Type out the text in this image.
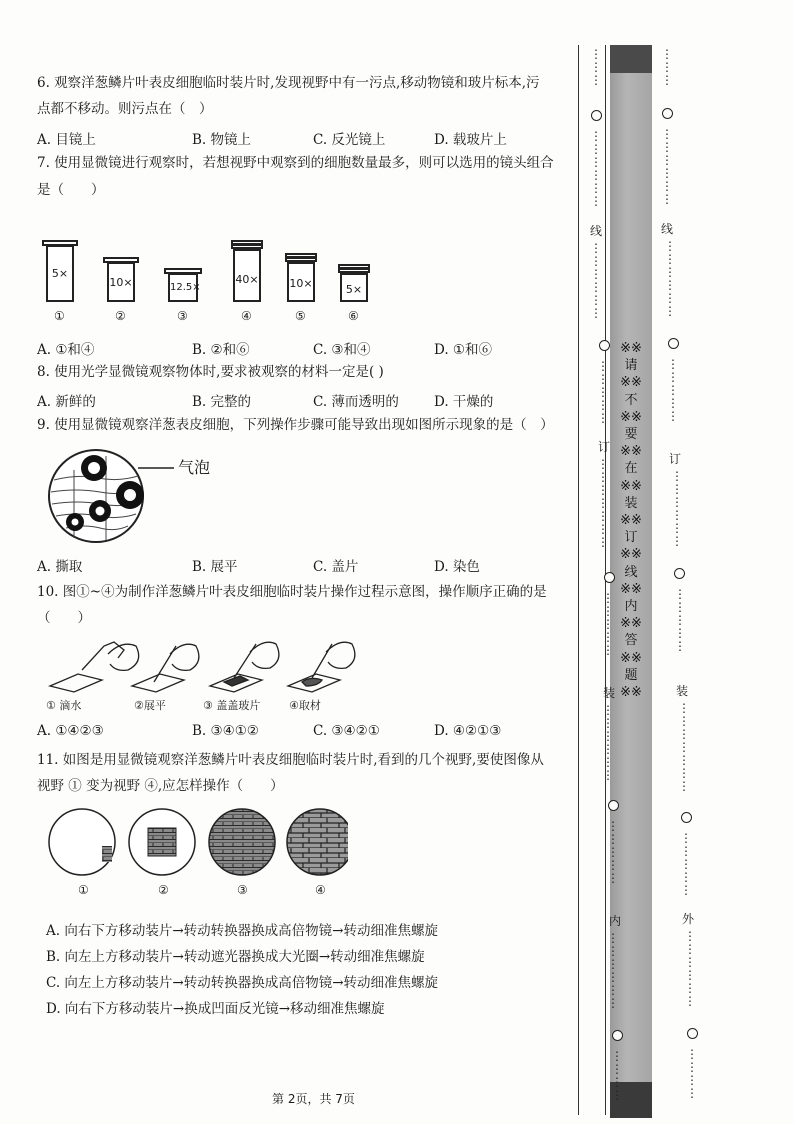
6. 观察洋葱鳞片叶表皮细胞临时装片时,发现视野中有一污点,移动物镜和玻片标本,污
点都不移动。则污点在（　）
A. 目镜上	B. 物镜上	C. 反光镜上	D. 载玻片上
7. 使用显微镜进行观察时，若想视野中观察到的细胞数量最多，则可以选用的镜头组合
是（　　）
5×
①
10×
②
12.5×
③
40×
④
10×
⑤
5×
⑥
A. ①和④	B. ②和⑥	C. ③和④	D. ①和⑥
8. 使用光学显微镜观察物体时,要求被观察的材料一定是( )
A. 新鲜的	B. 完整的	C. 薄而透明的	D. 干燥的
9. 使用显微镜观察洋葱表皮细胞，下列操作步骤可能导致出现如图所示现象的是（　）
气泡
A. 撕取	B. 展平	C. 盖片	D. 染色
10. 图①~④为制作洋葱鳞片叶表皮细胞临时装片操作过程示意图，操作顺序正确的是
（　　）
① 滴水	②展平	③ 盖盖玻片	④取材
A. ①④②③	B. ③④①②	C. ③④②①	D. ④②①③
11. 如图是用显微镜观察洋葱鳞片叶表皮细胞临时装片时,看到的几个视野,要使图像从
视野 ① 变为视野 ④,应怎样操作（　　）
①	②	③	④
A. 向右下方移动装片→转动转换器换成高倍物镜→转动细准焦螺旋
B. 向左上方移动装片→转动遮光器换成大光圈→转动细准焦螺旋
C. 向左上方移动装片→转动转换器换成高倍物镜→转动细准焦螺旋
D. 向右下方移动装片→换成凹面反光镜→移动细准焦螺旋
第 2页，共 7页
※※请※※不※※要※※在※※装※※订※※线※※内※※答※※题※※
⋮
⋮
⋮
⋮
⋮
⋮
⋮
⋮
⋮
线
⋮
⋮
⋮
⋮
⋮
⋮
⋮
⋮
⋮
⋮
⋮
订
⋮
⋮
⋮
⋮
⋮
⋮
⋮
⋮
⋮
⋮
⋮
⋮
装
⋮
⋮
⋮
⋮
⋮
⋮
⋮
⋮
⋮
⋮
⋮
内
⋮
⋮
⋮
⋮
⋮
⋮
⋮
⋮
⋮
⋮
⋮
⋮
⋮
⋮
⋮
⋮
⋮
⋮
⋮
线
⋮
⋮
⋮
⋮
⋮
⋮
⋮
⋮
⋮
⋮
⋮
订
⋮
⋮
⋮
⋮
⋮
⋮
⋮
⋮
⋮
⋮
⋮
装
⋮
⋮
⋮
⋮
⋮
⋮
⋮
⋮
⋮
⋮
⋮
⋮
外
⋮
⋮
⋮
⋮
⋮
⋮
⋮
⋮
⋮
⋮
